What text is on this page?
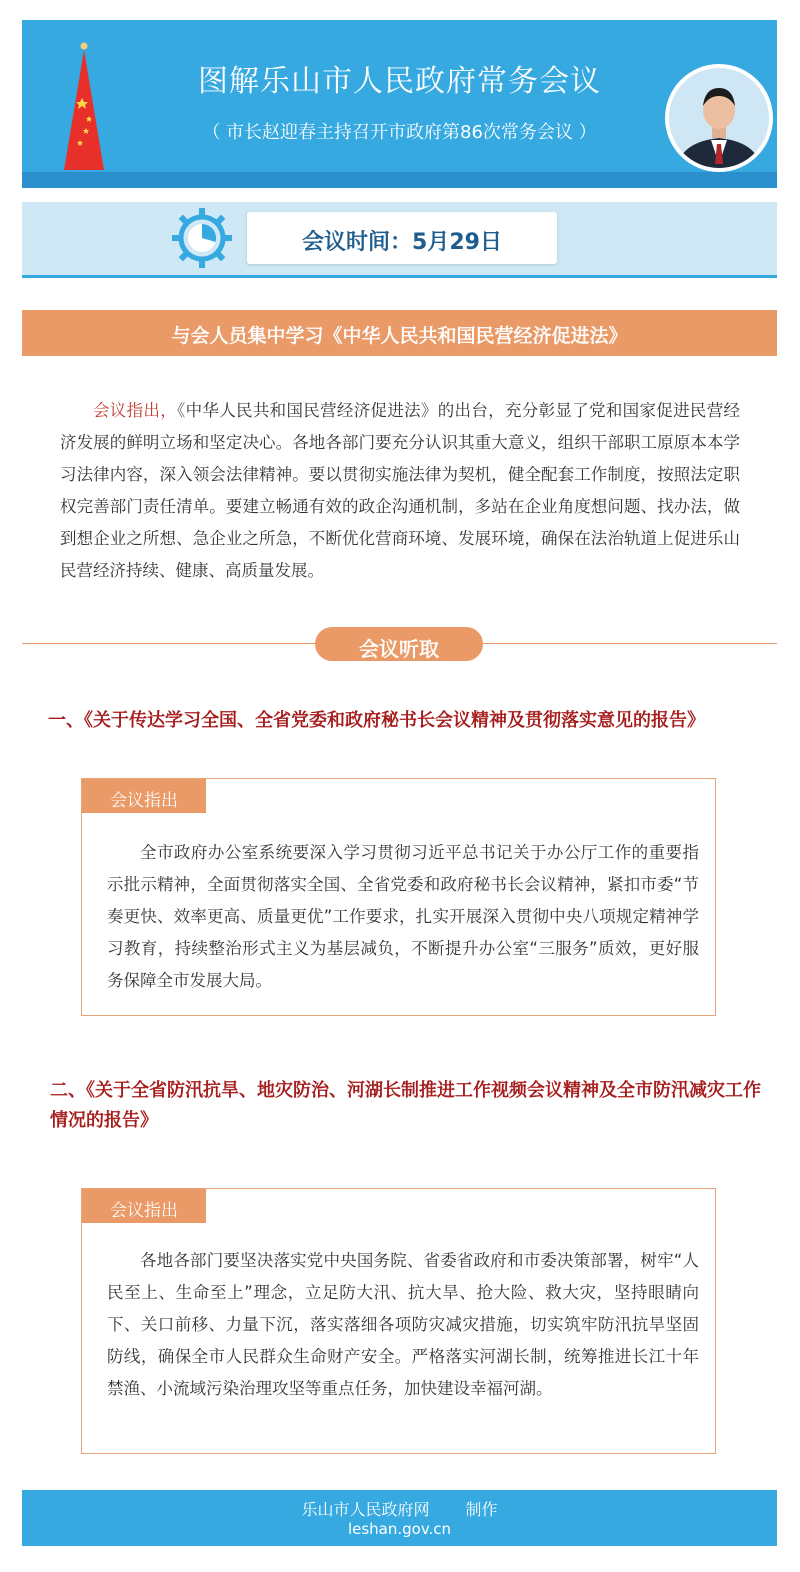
图解乐山市人民政府常务会议
（ 市长赵迎春主持召开市政府第86次常务会议 ）
会议时间：5月29日
与会人员集中学习《中华人民共和国民营经济促进法》

会议指出，《中华人民共和国民营经济促进法》的出台，充分彰显了党和国家促进民营经济发展的鲜明立场和坚定决心。各地各部门要充分认识其重大意义，组织干部职工原原本本学习法律内容，深入领会法律精神。要以贯彻实施法律为契机，健全配套工作制度，按照法定职权完善部门责任清单。要建立畅通有效的政企沟通机制，多站在企业角度想问题、找办法，做到想企业之所想、急企业之所急，不断优化营商环境、发展环境，确保在法治轨道上促进乐山民营经济持续、健康、高质量发展。

会议听取
一、《关于传达学习全国、全省党委和政府秘书长会议精神及贯彻落实意见的报告》
会议指出

全市政府办公室系统要深入学习贯彻习近平总书记关于办公厅工作的重要指示批示精神，全面贯彻落实全国、全省党委和政府秘书长会议精神，紧扣市委“节奏更快、效率更高、质量更优”工作要求，扎实开展深入贯彻中央八项规定精神学习教育，持续整治形式主义为基层减负，不断提升办公室“三服务”质效，更好服务保障全市发展大局。

二、《关于全省防汛抗旱、地灾防治、河湖长制推进工作视频会议精神及全市防汛减灾工作情况的报告》
会议指出

各地各部门要坚决落实党中央国务院、省委省政府和市委决策部署，树牢“人民至上、生命至上”理念，立足防大汛、抗大旱、抢大险、救大灾，坚持眼睛向下、关口前移、力量下沉，落实落细各项防灾减灾措施，切实筑牢防汛抗旱坚固防线，确保全市人民群众生命财产安全。严格落实河湖长制，统筹推进长江十年禁渔、小流域污染治理攻坚等重点任务，加快建设幸福河湖。

乐山市人民政府网 制作
leshan.gov.cn
